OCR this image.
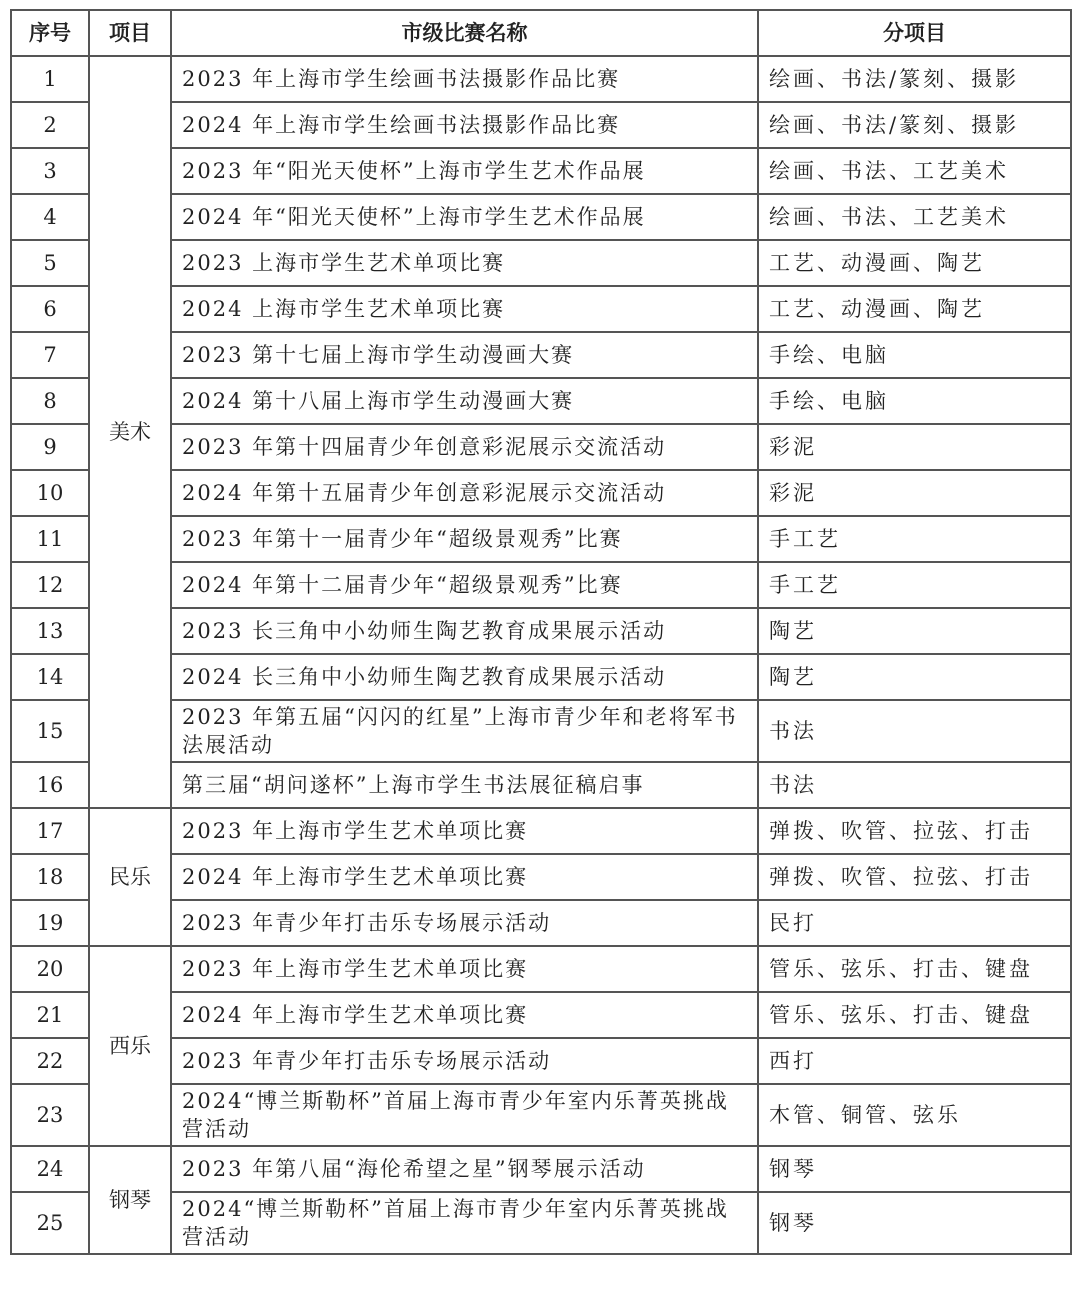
序号	项目	市级比赛名称	分项目
1	美术	2023 年上海市学生绘画书法摄影作品比赛	绘画、书法/篆刻、摄影
2		2024 年上海市学生绘画书法摄影作品比赛	绘画、书法/篆刻、摄影
3		2023 年“阳光天使杯”上海市学生艺术作品展	绘画、书法、工艺美术
4		2024 年“阳光天使杯”上海市学生艺术作品展	绘画、书法、工艺美术
5		2023 上海市学生艺术单项比赛	工艺、动漫画、陶艺
6		2024 上海市学生艺术单项比赛	工艺、动漫画、陶艺
7		2023 第十七届上海市学生动漫画大赛	手绘、电脑
8		2024 第十八届上海市学生动漫画大赛	手绘、电脑
9		2023 年第十四届青少年创意彩泥展示交流活动	彩泥
10		2024 年第十五届青少年创意彩泥展示交流活动	彩泥
11		2023 年第十一届青少年“超级景观秀”比赛	手工艺
12		2024 年第十二届青少年“超级景观秀”比赛	手工艺
13		2023 长三角中小幼师生陶艺教育成果展示活动	陶艺
14		2024 长三角中小幼师生陶艺教育成果展示活动	陶艺
15		2023 年第五届“闪闪的红星”上海市青少年和老将军书法展活动	书法
16		第三届“胡问遂杯”上海市学生书法展征稿启事	书法
17	民乐	2023 年上海市学生艺术单项比赛	弹拨、吹管、拉弦、打击
18		2024 年上海市学生艺术单项比赛	弹拨、吹管、拉弦、打击
19		2023 年青少年打击乐专场展示活动	民打
20	西乐	2023 年上海市学生艺术单项比赛	管乐、弦乐、打击、键盘
21		2024 年上海市学生艺术单项比赛	管乐、弦乐、打击、键盘
22		2023 年青少年打击乐专场展示活动	西打
23		2024“博兰斯勒杯”首届上海市青少年室内乐菁英挑战营活动	木管、铜管、弦乐
24	钢琴	2023 年第八届“海伦希望之星”钢琴展示活动	钢琴
25		2024“博兰斯勒杯”首届上海市青少年室内乐菁英挑战营活动	钢琴
